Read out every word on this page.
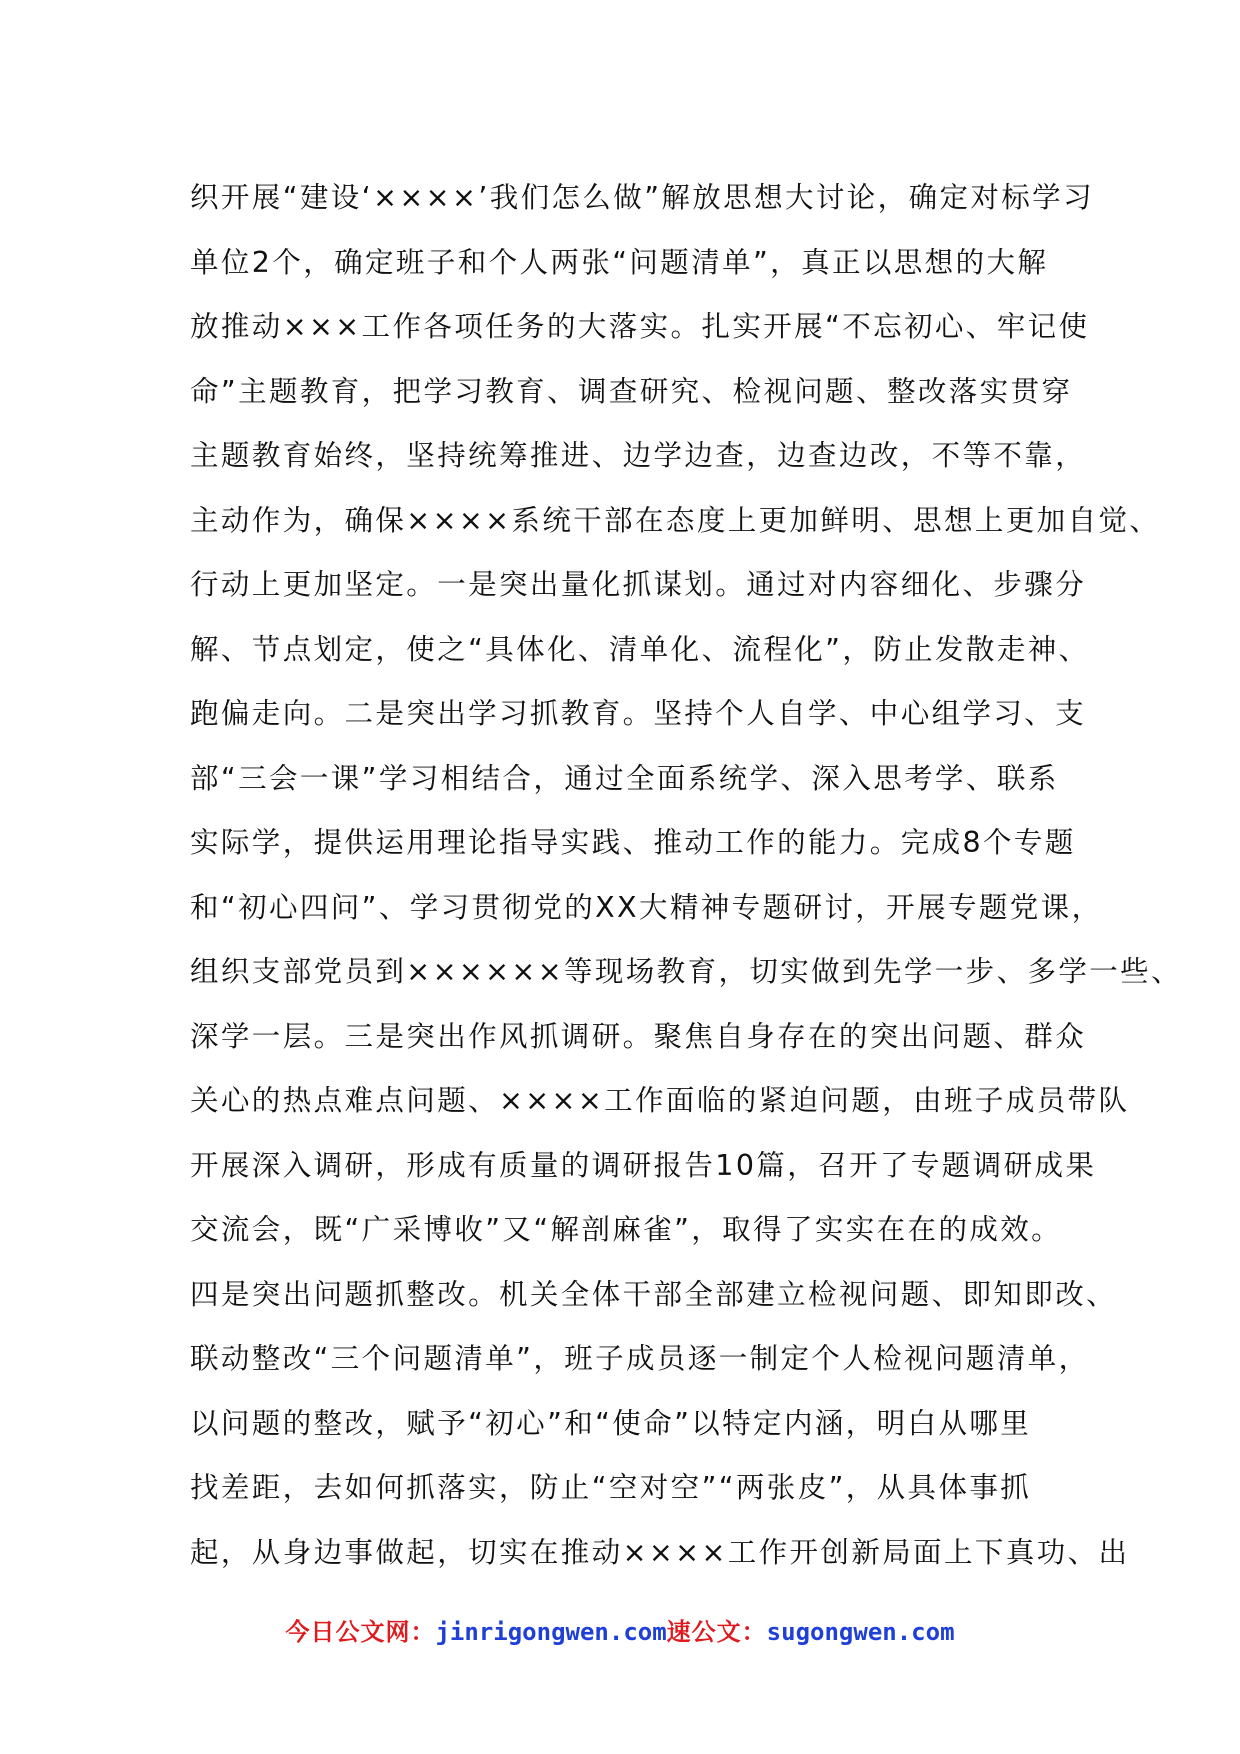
织开展“建设‘××××’我们怎么做”解放思想大讨论，确定对标学习
单位2个，确定班子和个人两张“问题清单”，真正以思想的大解
放推动×××工作各项任务的大落实。扎实开展“不忘初心、牢记使
命”主题教育，把学习教育、调查研究、检视问题、整改落实贯穿
主题教育始终，坚持统筹推进、边学边查，边查边改，不等不靠，
主动作为，确保××××系统干部在态度上更加鲜明、思想上更加自觉、
行动上更加坚定。一是突出量化抓谋划。通过对内容细化、步骤分
解、节点划定，使之“具体化、清单化、流程化”，防止发散走神、
跑偏走向。二是突出学习抓教育。坚持个人自学、中心组学习、支
部“三会一课”学习相结合，通过全面系统学、深入思考学、联系
实际学，提供运用理论指导实践、推动工作的能力。完成8个专题
和“初心四问”、学习贯彻党的XX大精神专题研讨，开展专题党课，
组织支部党员到××××××等现场教育，切实做到先学一步、多学一些、
深学一层。三是突出作风抓调研。聚焦自身存在的突出问题、群众
关心的热点难点问题、××××工作面临的紧迫问题，由班子成员带队
开展深入调研，形成有质量的调研报告10篇，召开了专题调研成果
交流会，既“广采博收”又“解剖麻雀”，取得了实实在在的成效。
四是突出问题抓整改。机关全体干部全部建立检视问题、即知即改、
联动整改“三个问题清单”，班子成员逐一制定个人检视问题清单，
以问题的整改，赋予“初心”和“使命”以特定内涵，明白从哪里
找差距，去如何抓落实，防止“空对空”“两张皮”，从具体事抓
起，从身边事做起，切实在推动××××工作开创新局面上下真功、出
今日公文网：jinrigongwen.com速公文：sugongwen.com
